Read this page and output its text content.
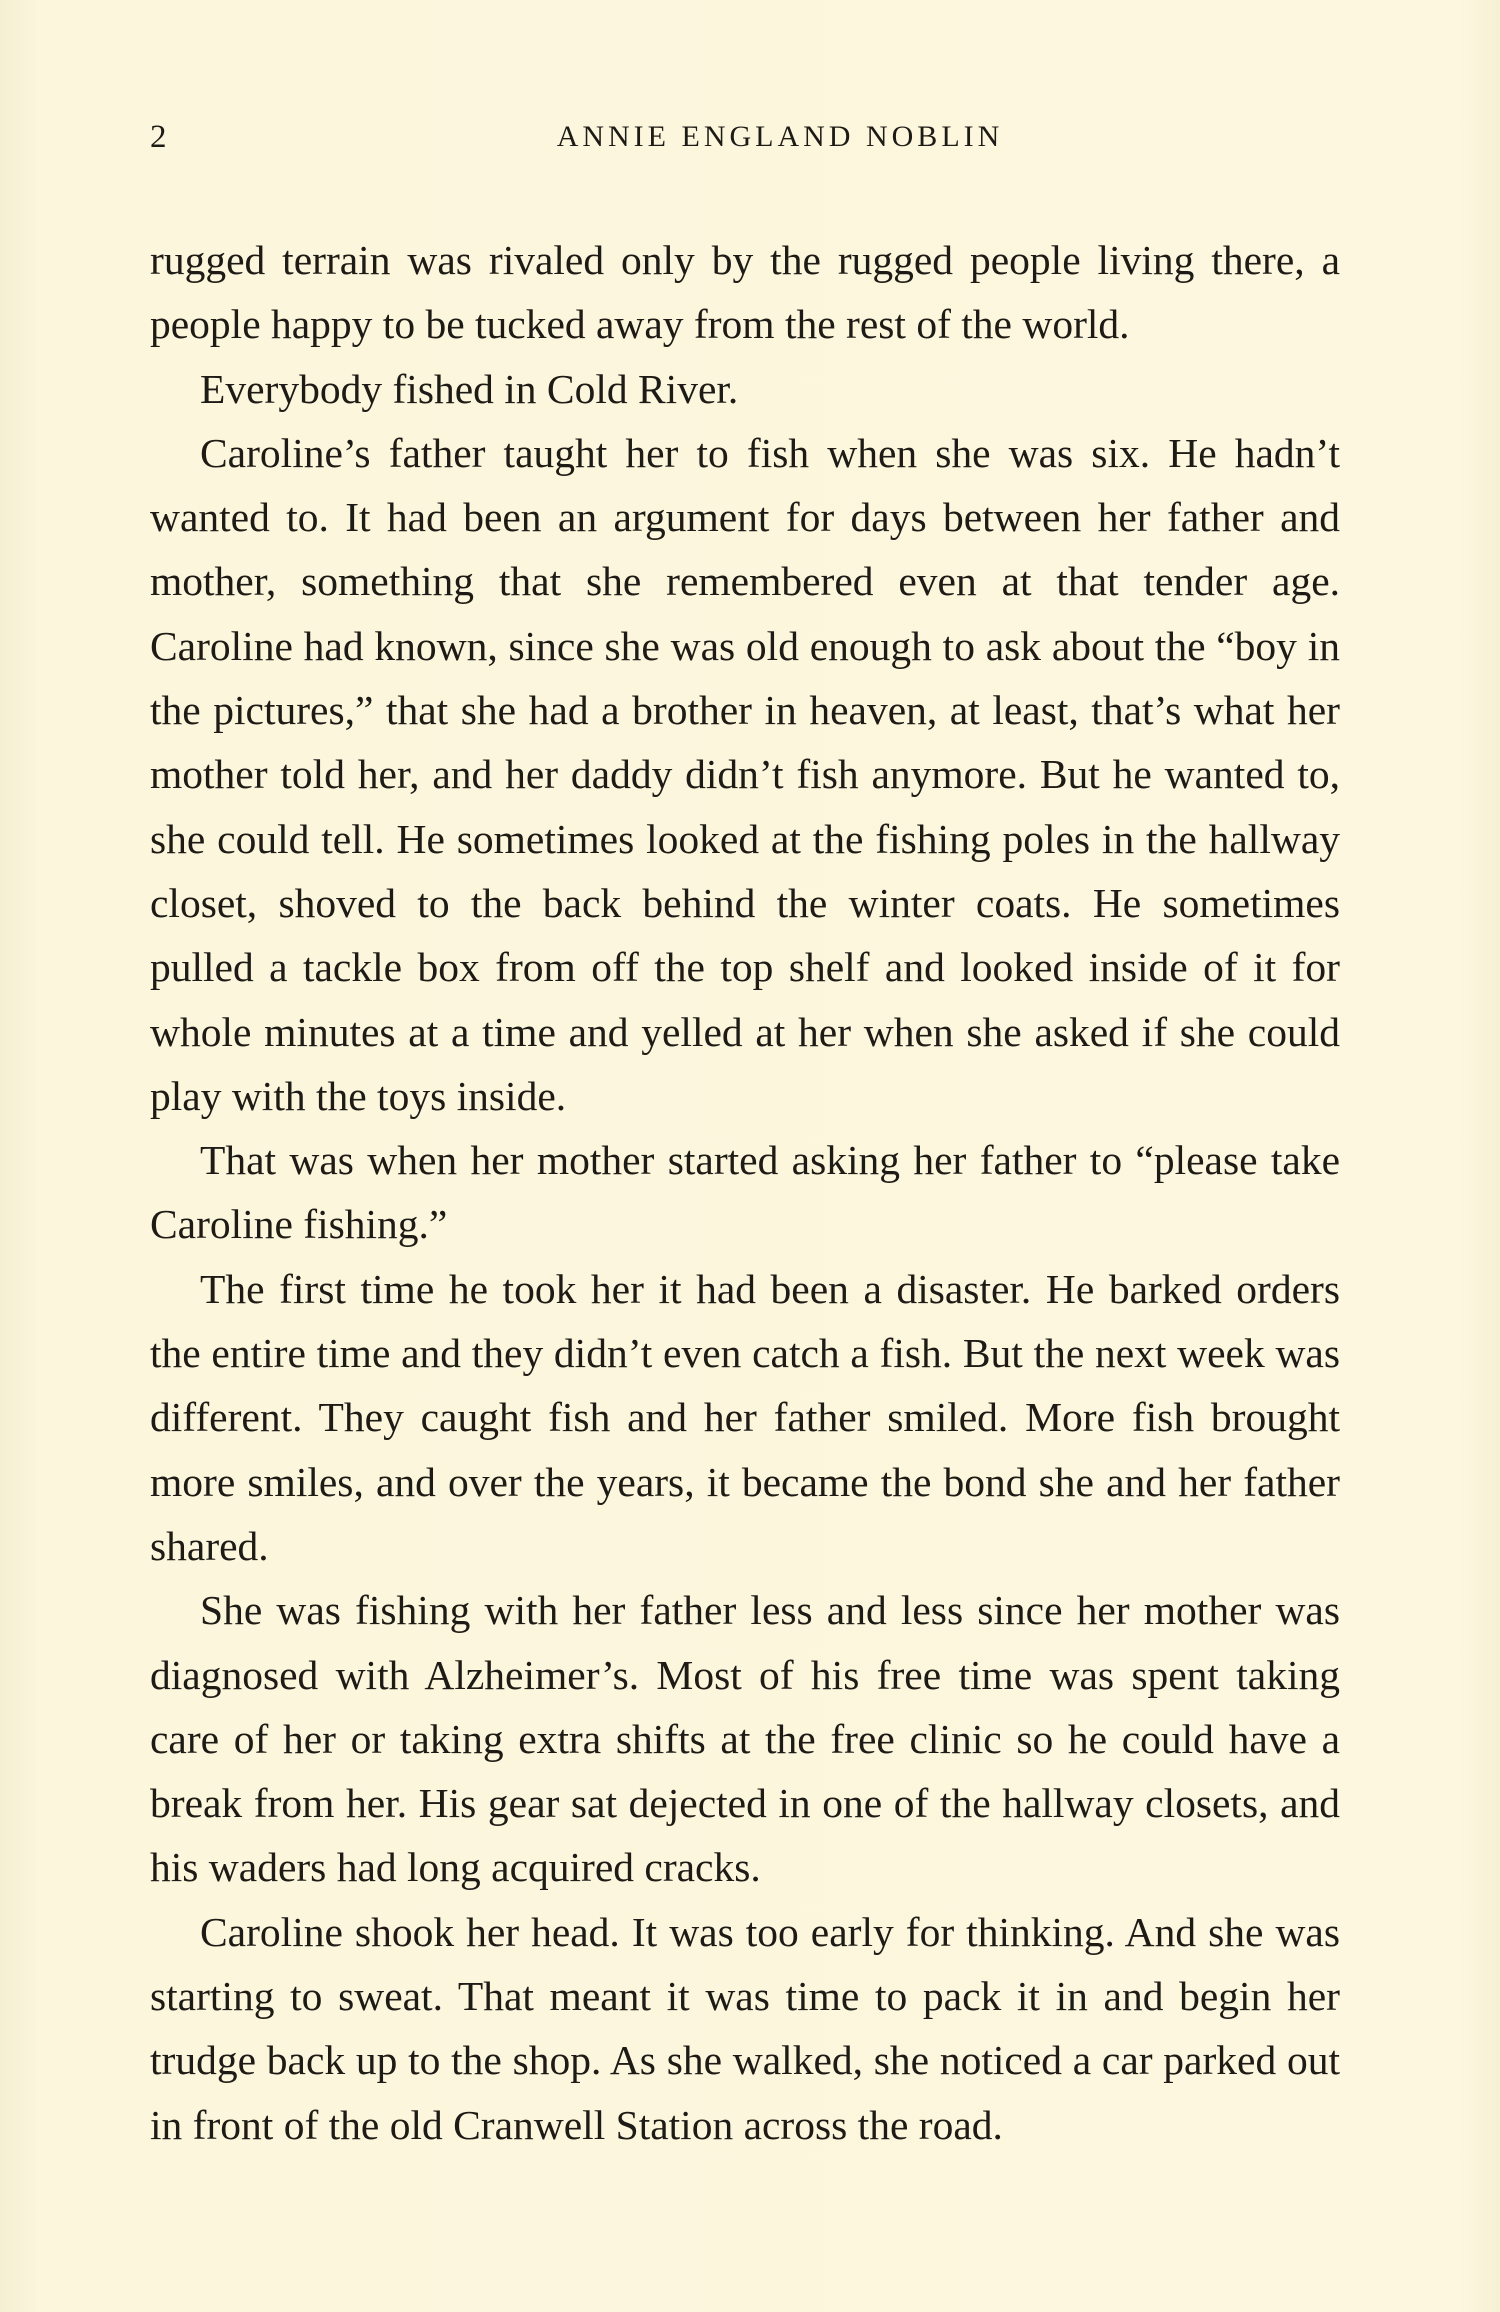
2	ANNIE ENGLAND NOBLIN

rugged terrain was rivaled only by the rugged people living there, a people happy to be tucked away from the rest of the world.

Everybody fished in Cold River.

Caroline’s father taught her to fish when she was six. He hadn’t wanted to. It had been an argument for days between her father and mother, something that she remembered even at that tender age. Caroline had known, since she was old enough to ask about the “boy in the pictures,” that she had a brother in heaven, at least, that’s what her mother told her, and her daddy didn’t fish anymore. But he wanted to, she could tell. He sometimes looked at the fishing poles in the hallway closet, shoved to the back behind the winter coats. He sometimes pulled a tackle box from off the top shelf and looked inside of it for whole minutes at a time and yelled at her when she asked if she could play with the toys inside.

That was when her mother started asking her father to “please take Caroline fishing.”

The first time he took her it had been a disaster. He barked orders the entire time and they didn’t even catch a fish. But the next week was different. They caught fish and her father smiled. More fish brought more smiles, and over the years, it became the bond she and her father shared.

She was fishing with her father less and less since her mother was diagnosed with Alzheimer’s. Most of his free time was spent taking care of her or taking extra shifts at the free clinic so he could have a break from her. His gear sat dejected in one of the hallway closets, and his waders had long acquired cracks.

Caroline shook her head. It was too early for thinking. And she was starting to sweat. That meant it was time to pack it in and begin her trudge back up to the shop. As she walked, she noticed a car parked out in front of the old Cranwell Station across the road.
